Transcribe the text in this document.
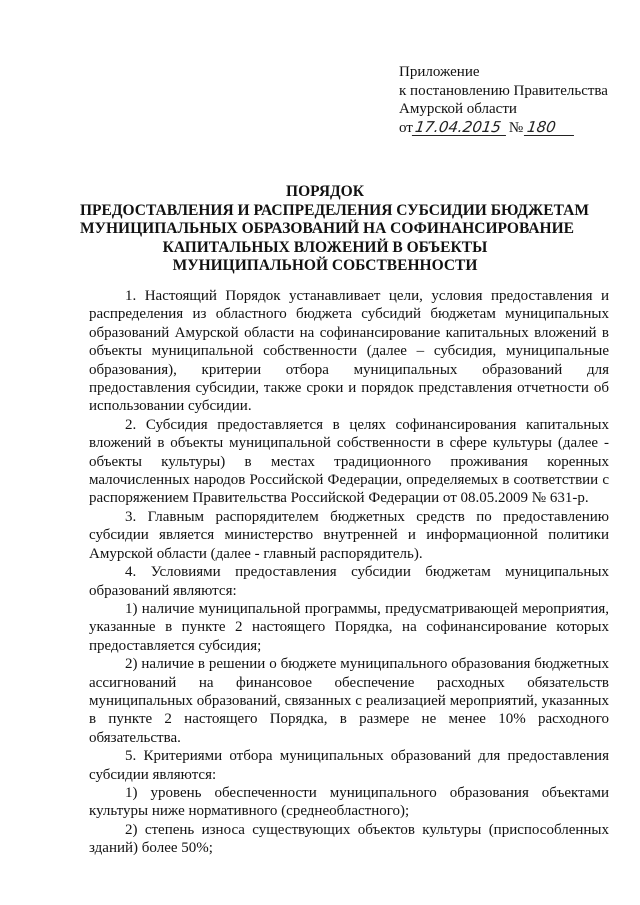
Приложение
к постановлению Правительства
Амурской области
от17.04.2015 № 180
ПОРЯДОК
ПРЕДОСТАВЛЕНИЯ И РАСПРЕДЕЛЕНИЯ СУБСИДИИ БЮДЖЕТАМ
МУНИЦИПАЛЬНЫХ ОБРАЗОВАНИЙ НА СОФИНАНСИРОВАНИЕ
КАПИТАЛЬНЫХ ВЛОЖЕНИЙ В ОБЪЕКТЫ
МУНИЦИПАЛЬНОЙ СОБСТВЕННОСТИ

1. Настоящий Порядок устанавливает цели, условия предоставления и распределения из областного бюджета субсидий бюджетам муниципальных образований Амурской области на софинансирование капитальных вложений в объекты муниципальной собственности (далее – субсидия, муниципальные образования), критерии отбора муниципальных образований для предоставления субсидии, также сроки и порядок представления отчетности об использовании субсидии.

2. Субсидия предоставляется в целях софинансирования капитальных вложений в объекты муниципальной собственности в сфере культуры (далее - объекты культуры) в местах традиционного проживания коренных малочисленных народов Российской Федерации, определяемых в соответствии с распоряжением Правительства Российской Федерации от 08.05.2009 № 631-р.

3. Главным распорядителем бюджетных средств по предоставлению субсидии является министерство внутренней и информационной политики Амурской области (далее - главный распорядитель).

4. Условиями предоставления субсидии бюджетам муниципальных образований являются:

1) наличие муниципальной программы, предусматривающей мероприятия, указанные в пункте 2 настоящего Порядка, на софинансирование которых предоставляется субсидия;

2) наличие в решении о бюджете муниципального образования бюджетных ассигнований на финансовое обеспечение расходных обязательств муниципальных образований, связанных с реализацией мероприятий, указанных в пункте 2 настоящего Порядка, в размере не менее 10% расходного обязательства.

5. Критериями отбора муниципальных образований для предоставления субсидии являются:

1) уровень обеспеченности муниципального образования объектами культуры ниже нормативного (среднеобластного);

2) степень износа существующих объектов культуры (приспособленных зданий) более 50%;
